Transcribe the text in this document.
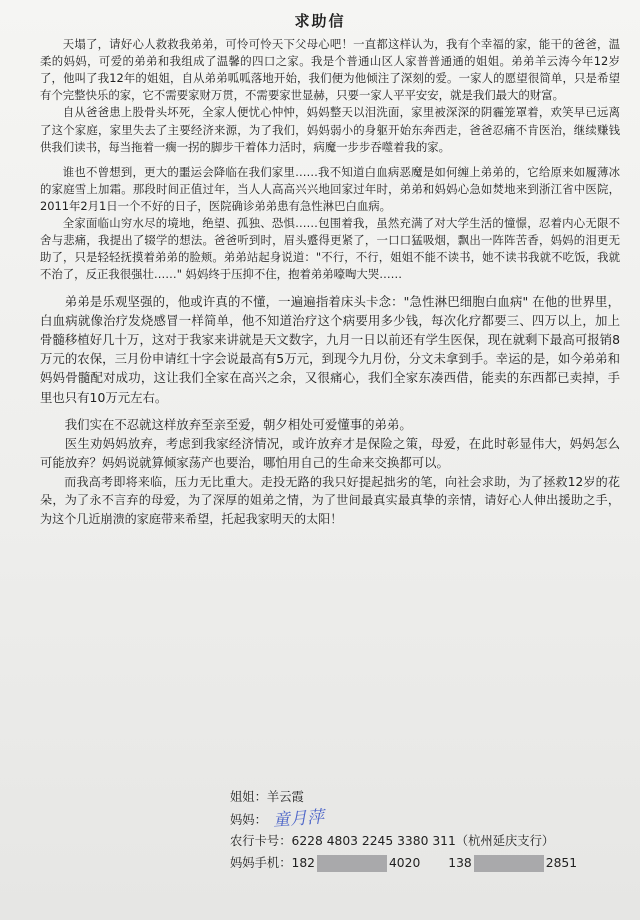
求助信

天塌了，请好心人救救我弟弟，可怜可怜天下父母心吧！一直都这样认为，我有个幸福的家，能干的爸爸，温柔的妈妈，可爱的弟弟和我组成了温馨的四口之家。我是个普通山区人家普普通通的姐姐。弟弟羊云涛今年12岁了，他叫了我12年的姐姐，自从弟弟呱呱落地开始，我们便为他倾注了深刻的爱。一家人的愿望很简单，只是希望有个完整快乐的家，它不需要家财万贯，不需要家世显赫，只要一家人平平安安，就是我们最大的财富。

自从爸爸患上股骨头坏死，全家人便忧心忡忡，妈妈整天以泪洗面，家里被深深的阴霾笼罩着，欢笑早已远离了这个家庭，家里失去了主要经济来源，为了我们，妈妈弱小的身躯开始东奔西走，爸爸忍痛不肯医治，继续赚钱供我们读书，每当拖着一瘸一拐的脚步干着体力活时，病魔一步步吞噬着我的家。

谁也不曾想到，更大的噩运会降临在我们家里……我不知道白血病恶魔是如何缠上弟弟的，它给原来如履薄冰的家庭雪上加霜。那段时间正值过年，当人人高高兴兴地回家过年时，弟弟和妈妈心急如焚地来到浙江省中医院，2011年2月1日一个不好的日子，医院确诊弟弟患有急性淋巴白血病。

全家面临山穷水尽的境地，绝望、孤独、恐惧……包围着我，虽然充满了对大学生活的憧憬，忍着内心无限不舍与悲痛，我提出了辍学的想法。爸爸听到时，眉头蹙得更紧了，一口口猛吸烟，飘出一阵阵苦香，妈妈的泪更无助了，只是轻轻抚摸着弟弟的脸颊。弟弟站起身说道："不行，不行，姐姐不能不读书，她不读书我就不吃饭，我就不治了，反正我很强壮……" 妈妈终于压抑不住，抱着弟弟嚎啕大哭……

弟弟是乐观坚强的，他或许真的不懂，一遍遍指着床头卡念："急性淋巴细胞白血病" 在他的世界里，白血病就像治疗发烧感冒一样简单，他不知道治疗这个病要用多少钱，每次化疗都要三、四万以上，加上骨髓移植好几十万，这对于我家来讲就是天文数字，九月一日以前还有学生医保，现在就剩下最高可报销8万元的农保，三月份申请红十字会说最高有5万元，到现今九月份，分文未拿到手。幸运的是，如今弟弟和妈妈骨髓配对成功，这让我们全家在高兴之余，又很痛心，我们全家东凑西借，能卖的东西都已卖掉，手里也只有10万元左右。

我们实在不忍就这样放弃至亲至爱，朝夕相处可爱懂事的弟弟。

医生劝妈妈放弃，考虑到我家经济情况，或许放弃才是保险之策，母爱，在此时彰显伟大，妈妈怎么可能放弃？妈妈说就算倾家荡产也要治，哪怕用自己的生命来交换都可以。

而我高考即将来临，压力无比重大。走投无路的我只好提起拙劣的笔，向社会求助，为了拯救12岁的花朵，为了永不言弃的母爱，为了深厚的姐弟之情，为了世间最真实最真挚的亲情，请好心人伸出援助之手，为这个几近崩溃的家庭带来希望，托起我家明天的太阳！

姐姐：羊云霞
妈妈： 童月萍
农行卡号：6228 4803 2245 3380 311（杭州延庆支行）
妈妈手机：182	4020 138	2851
